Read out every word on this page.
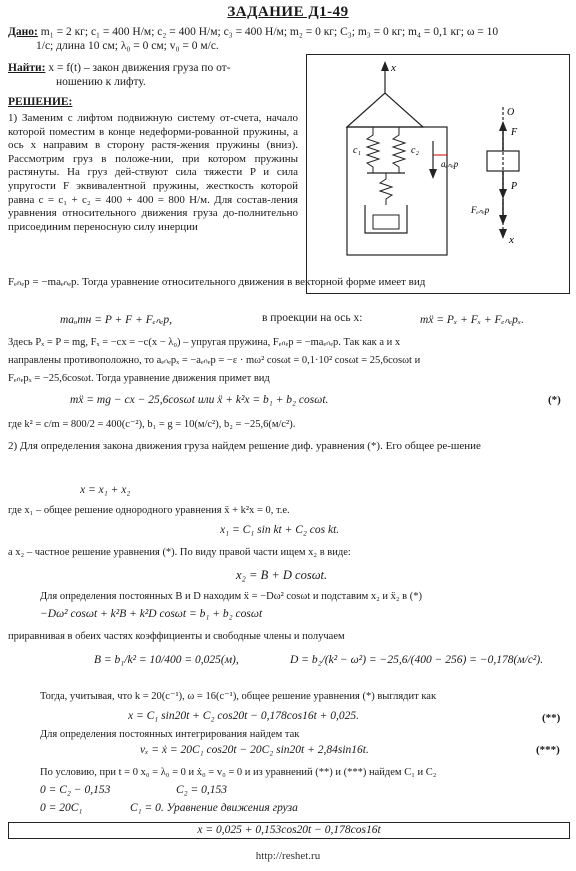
ЗАДАНИЕ Д1-49
Дано: m₁ = 2 кг; c₁ = 400 Н/м; c₂ = 400 Н/м; c₃ = 400 Н/м; m₂ = 0 кг; C₃; m₃ = 0 кг; m₄ = 0,1 кг; ω = 10
1/с; длина 10 см; λ₀ = 0 см; v₀ = 0 м/с.
Найти: x = f(t) – закон движения груза по от-
ношению к лифту.
РЕШЕНИЕ:
1) Заменим с лифтом подвижную систему от-счета, начало которой поместим в конце недеформи-рованной пружины, а ось x направим в сторону растя-жения пружины (вниз). Рассмотрим груз в положе-нии, при котором пружины растянуты. На груз дей-ствуют сила тяжести P и сила упругости F эквивалентной пружины, жесткость которой равна c = c₁ + c₂ = 400 + 400 = 800 Н/м. Для состав-ления уравнения относительного движения груза до-полнительно присоединим переносную силу инерции
Fₑₙₑр = −maₑₙₑр. Тогда уравнение относительного движения в векторной форме имеет вид
x
c₁	c₂
aₑₙₑр
x
O
F
P
Fₑₙₑр
maₒтн = P + F + Fₑₙₑр,	в проекции на ось x:	mẍ = Pₓ + Fₓ + Fₑₙₑрₓ.
Здесь Pₓ = P = mg, Fₓ = −cx = −c(x − λ₀) – упругая пружина, Fₑₙₑр = −maₑₙₑр. Так как a и x
направлены противоположно, то aₑₙₑрₓ = −aₑₙₑр = −ε · mω² cosωt = 0,1·10² cosωt = 25,6cosωt и
Fₑₙₑрₓ = −25,6cosωt. Тогда уравнение движения примет вид
mẍ = mg − cx − 25,6cosωt или ẍ + k²x = b₁ + b₂ cosωt.	(*)
где k² = c/m = 800/2 = 400(с⁻²), b₁ = g = 10(м/с²), b₂ = −25,6(м/с²).
2) Для определения закона движения груза найдем решение диф. уравнения (*). Его общее ре-шение
x = x₁ + x₂
где x₁ – общее решение однородного уравнения ẍ + k²x = 0, т.е.
x₁ = C₁ sin kt + C₂ cos kt.
a x₂ – частное решение уравнения (*). По виду правой части ищем x₂ в виде:
x₂ = B + D cosωt.
Для определения постоянных B и D находим ẍ = −Dω² cosωt и подставим x₂ и ẍ₂ в (*)
−Dω² cosωt + k²B + k²D cosωt = b₁ + b₂ cosωt
приравнивая в обеих частях коэффициенты и свободные члены и получаем
B = b₁/k² = 10/400 = 0,025(м),	D = b₂/(k² − ω²) = −25,6/(400 − 256) = −0,178(м/с²).
Тогда, учитывая, что k = 20(с⁻¹), ω = 16(с⁻¹), общее решение уравнения (*) выглядит как
x = C₁ sin20t + C₂ cos20t − 0,178cos16t + 0,025.	(**)
Для определения постоянных интегрирования найдем так
vₓ = ẋ = 20C₁ cos20t − 20C₂ sin20t + 2,84sin16t.	(***)
По условию, при t = 0 x₀ = λ₀ = 0 и ẋ₀ = v₀ = 0 и из уравнений (**) и (***) найдем C₁ и C₂
0 = C₂ − 0,153	C₂ = 0,153
0 = 20C₁	C₁ = 0. Уравнение движения груза
x = 0,025 + 0,153cos20t − 0,178cos16t
http://reshet.ru
